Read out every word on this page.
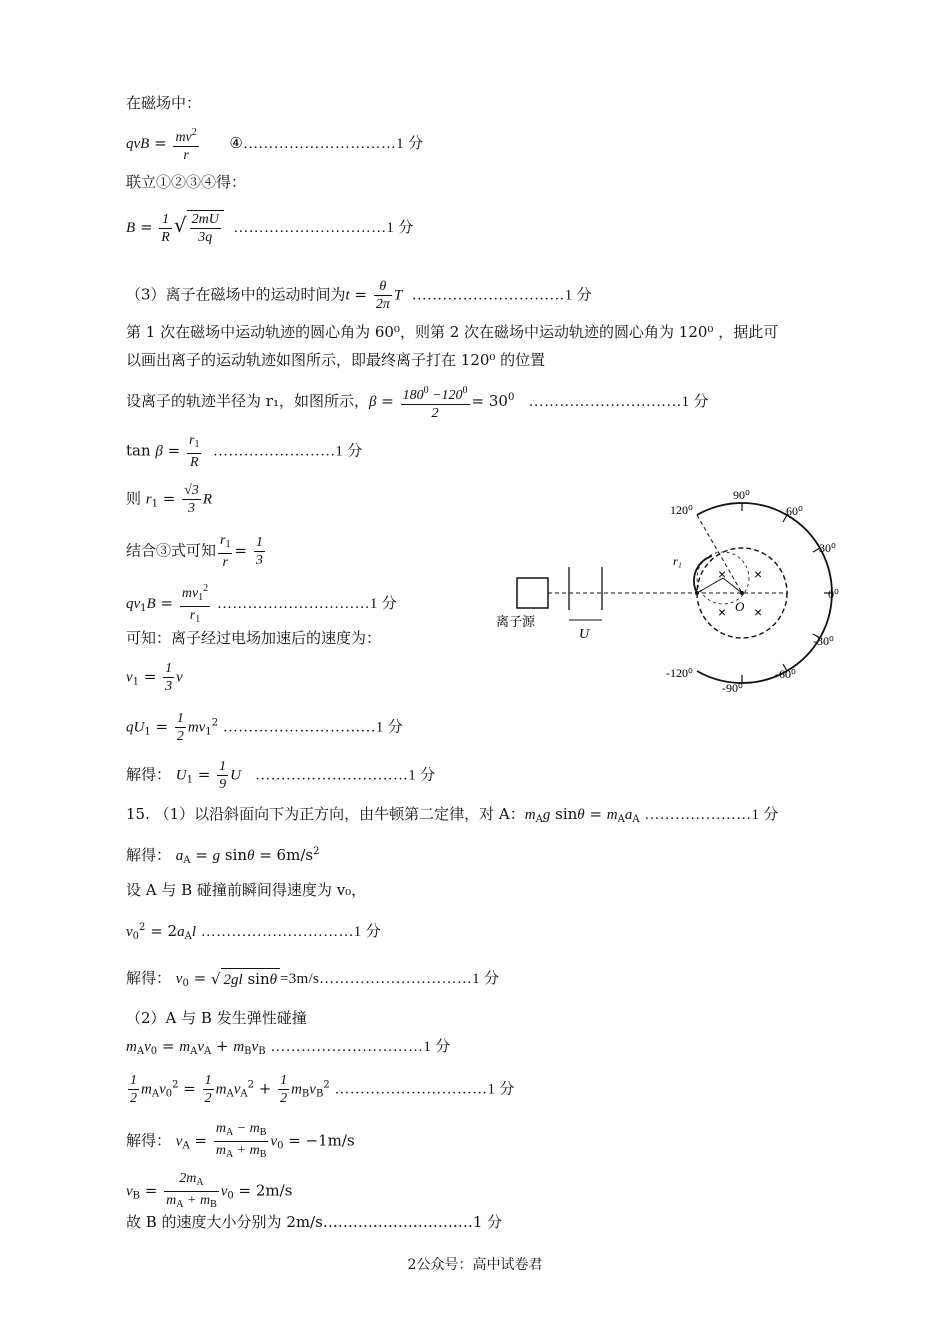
在磁场中：
qvB = $\frac{mv^2}{r}$ ④…………………………1 分
联立①②③④得：
$B = \frac{1}{R}$ √ $\frac{2mU}{3q}$ …………………………1 分
（3）离子在磁场中的运动时间为$t = \frac{\theta}{2\pi}$ T …………………………1 分
第 1 次在磁场中运动轨迹的圆心角为 60⁰，则第 2 次在磁场中运动轨迹的圆心角为 120⁰ ，据此可
以画出离子的运动轨迹如图所示，即最终离子打在 120⁰ 的位置
设离子的轨迹半径为 r₁，如图所示，$\beta = \frac{180^0 -120^0}{2} = 30^0$ …………………………1 分
$\tan \beta = \frac{r_1}{R}$ ……………………1 分
则 $r_1 = \frac{√3}{3}$ R
结合③式可知 $\frac{r_1}{r} = \frac{1}{3}$
$qv_1B = \frac{mv_1^2}{r_1}$ …………………………1 分
可知：离子经过电场加速后的速度为：
$v_1 = \frac{1}{3}$ v
$qU_1 = \frac{1}{2} mv_1^2$ …………………………1 分
解得： $U_1 = \frac{1}{9}$ U …………………………1 分
15. （1）以沿斜面向下为正方向，由牛顿第二定律，对 A：$m_Ag$ $\sin\theta = m_Aa_A$ …………………1 分
解得： $a_A = g$ $\sin\theta = 6m/s^2$
设 A 与 B 碰撞前瞬间得速度为 v₀，
$v_0^2 = 2a_Al$ …………………………1 分
解得： $v_0$ = √ 2gl sinθ =3m/s…………………………1 分
（2）A 与 B 发生弹性碰撞
$m_Av_0 = m_Av_A + m_Bv_B$ …………………………1 分
$\frac{1}{2} m_Av_0^2 = \frac{1}{2} m_Av_A^2 + \frac{1}{2} m_Bv_B^2$ …………………………1 分
解得： $v_A = \frac{m_A - m_B}{m_A + m_B} v_0 = -1m/s$
$v_B = \frac{2m_A}{m_A + m_B} v_0 = 2m/s$
故 B 的速度大小分别为 2m/s…………………………1 分
离子源
U
r₁
O
× ×
× ×
120⁰
90⁰
60⁰
30⁰
0⁰
-30⁰
-60⁰
-90⁰
-120⁰
2公众号：高中试卷君
